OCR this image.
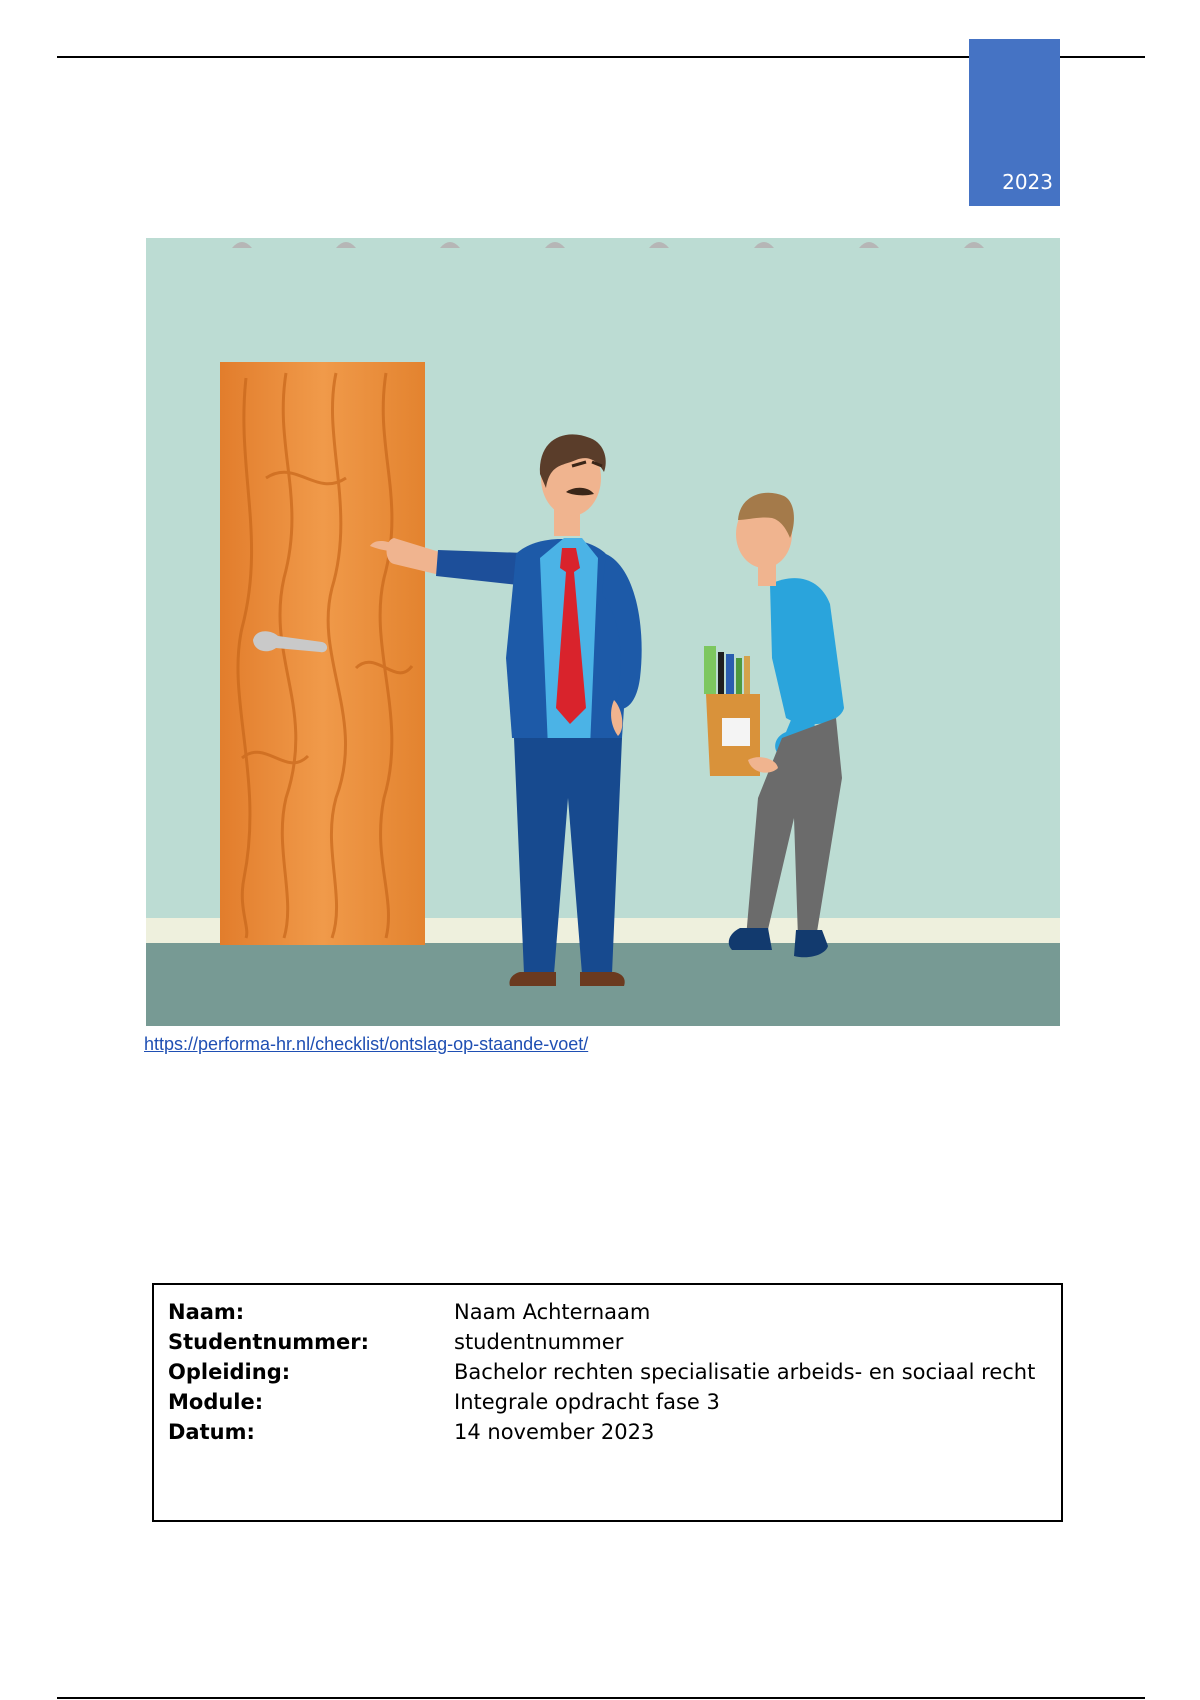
2023
https://performa-hr.nl/checklist/ontslag-op-staande-voet/
Naam:	Naam Achternaam
Studentnummer:	studentnummer
Opleiding:	Bachelor rechten specialisatie arbeids- en sociaal recht
Module:	Integrale opdracht fase 3
Datum:	14 november 2023
